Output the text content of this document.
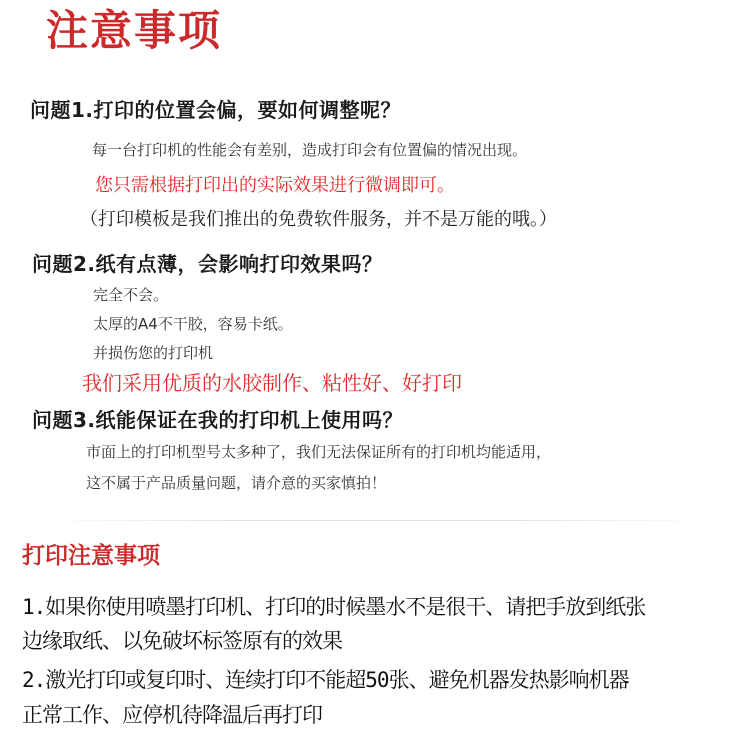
注意事项
问题1.打印的位置会偏，要如何调整呢？
每一台打印机的性能会有差别，造成打印会有位置偏的情况出现。
您只需根据打印出的实际效果进行微调即可。
（打印模板是我们推出的免费软件服务，并不是万能的哦。）
问题2.纸有点薄，会影响打印效果吗？
完全不会。
太厚的A4不干胶，容易卡纸。
并损伤您的打印机
我们采用优质的水胶制作、粘性好、好打印
问题3.纸能保证在我的打印机上使用吗？
市面上的打印机型号太多种了，我们无法保证所有的打印机均能适用，
这不属于产品质量问题，请介意的买家慎拍！
打印注意事项
1.如果你使用喷墨打印机、打印的时候墨水不是很干、请把手放到纸张
边缘取纸、以免破坏标签原有的效果
2.激光打印或复印时、连续打印不能超50张、避免机器发热影响机器
正常工作、应停机待降温后再打印
